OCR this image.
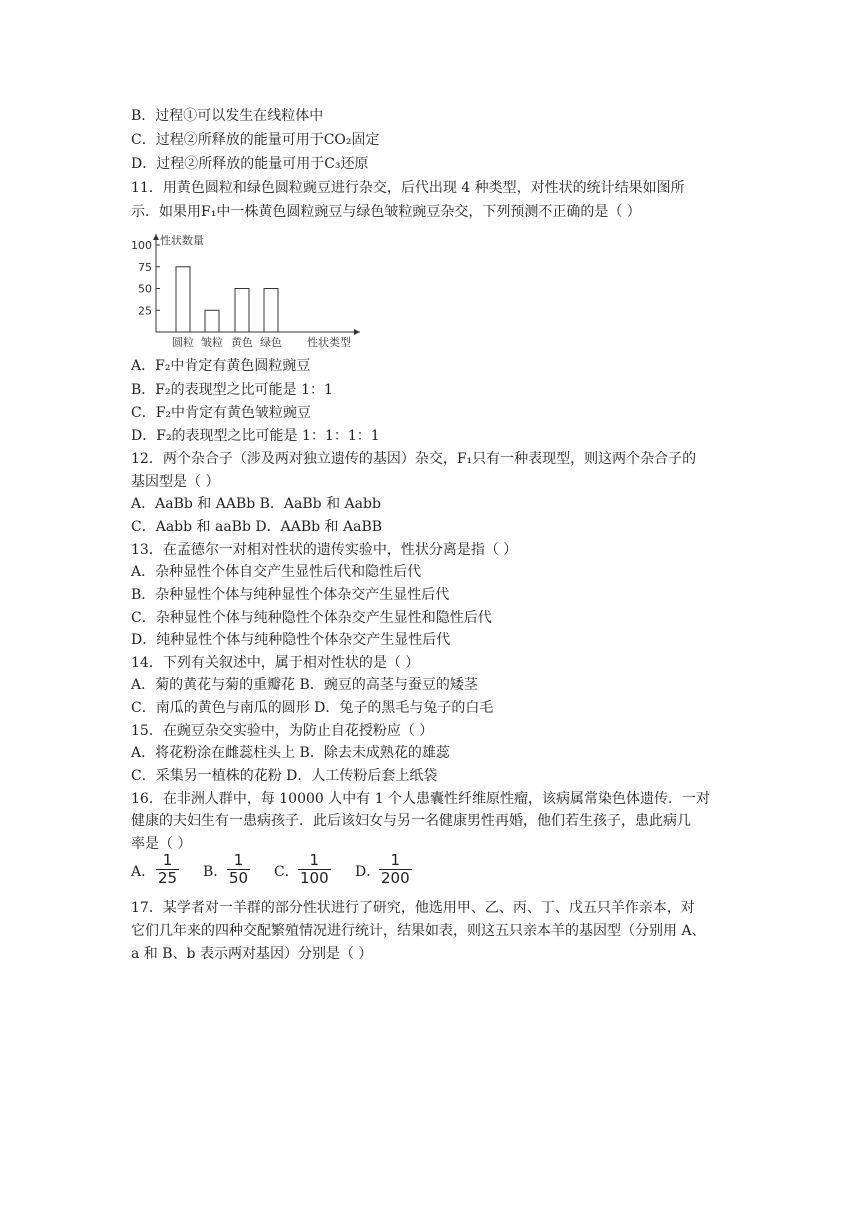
B．过程①可以发生在线粒体中
C．过程②所释放的能量可用于CO₂固定
D．过程②所释放的能量可用于C₃还原
11．用黄色圆粒和绿色圆粒豌豆进行杂交，后代出现 4 种类型，对性状的统计结果如图所
示．如果用F₁中一株黄色圆粒豌豆与绿色皱粒豌豆杂交，下列预测不正确的是（ ）
25
50
75
100 性状数量
圆粒 皱粒 黄色 绿色 性状类型
A．F₂中肯定有黄色圆粒豌豆
B．F₂的表现型之比可能是 1：1
C．F₂中肯定有黄色皱粒豌豆
D．F₂的表现型之比可能是 1：1：1：1
12．两个杂合子（涉及两对独立遗传的基因）杂交，F₁只有一种表现型，则这两个杂合子的
基因型是（ ）
A．AaBb 和 AABb B．AaBb 和 Aabb
C．Aabb 和 aaBb D．AABb 和 AaBB
13．在孟德尔一对相对性状的遗传实验中，性状分离是指（ ）
A．杂种显性个体自交产生显性后代和隐性后代
B．杂种显性个体与纯种显性个体杂交产生显性后代
C．杂种显性个体与纯种隐性个体杂交产生显性和隐性后代
D．纯种显性个体与纯种隐性个体杂交产生显性后代
14．下列有关叙述中，属于相对性状的是（ ）
A．菊的黄花与菊的重瓣花 B．豌豆的高茎与蚕豆的矮茎
C．南瓜的黄色与南瓜的圆形 D．兔子的黑毛与兔子的白毛
15．在豌豆杂交实验中，为防止自花授粉应（ ）
A．将花粉涂在雌蕊柱头上 B．除去未成熟花的雄蕊
C．采集另一植株的花粉 D．人工传粉后套上纸袋
16．在非洲人群中，每 10000 人中有 1 个人患囊性纤维原性瘤，该病属常染色体遗传．一对
健康的夫妇生有一患病孩子．此后该妇女与另一名健康男性再婚，他们若生孩子，患此病几
率是（ ）
A．
1
25 B．
1
50 C．
1
100 D．
1
200
17．某学者对一羊群的部分性状进行了研究，他选用甲、乙、丙、丁、戊五只羊作亲本，对
它们几年来的四种交配繁殖情况进行统计，结果如表，则这五只亲本羊的基因型（分别用 A、
a 和 B、b 表示两对基因）分别是（ ）
